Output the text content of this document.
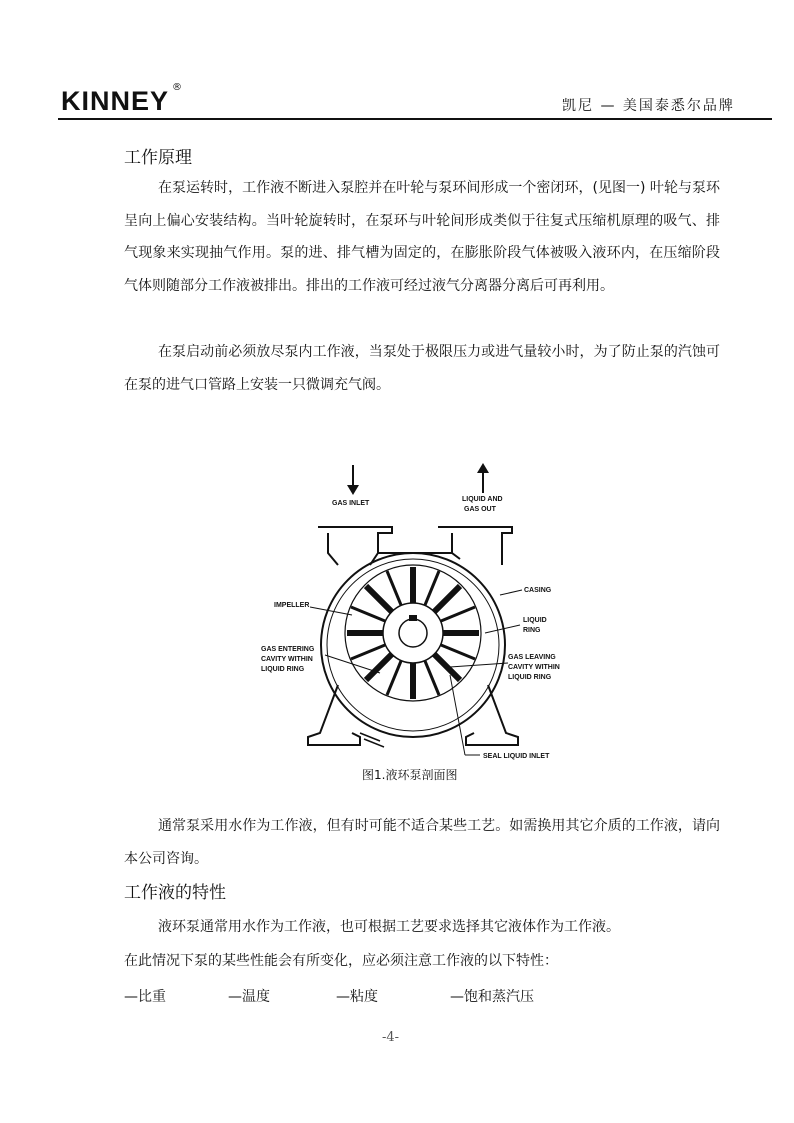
KINNEY ®
凯尼 — 美国泰悉尔品牌
工作原理

在泵运转时，工作液不断进入泵腔并在叶轮与泵环间形成一个密闭环，(见图一) 叶轮与泵环呈向上偏心安装结构。当叶轮旋转时，在泵环与叶轮间形成类似于往复式压缩机原理的吸气、排气现象来实现抽气作用。泵的进、排气槽为固定的，在膨胀阶段气体被吸入液环内，在压缩阶段气体则随部分工作液被排出。排出的工作液可经过液气分离器分离后可再利用。

在泵启动前必须放尽泵内工作液，当泵处于极限压力或进气量较小时，为了防止泵的汽蚀可在泵的进气口管路上安装一只微调充气阀。

GAS INLET
LIQUID AND
GAS OUT
CASING
IMPELLER
LIQUID
RING
GAS ENTERING
CAVITY WITHIN
LIQUID RING
GAS LEAVING
CAVITY WITHIN
LIQUID RING
SEAL LIQUID INLET
图1.液环泵剖面图

通常泵采用水作为工作液，但有时可能不适合某些工艺。如需换用其它介质的工作液，请向本公司咨询。

工作液的特性
液环泵通常用水作为工作液，也可根据工艺要求选择其它液体作为工作液。
在此情况下泵的某些性能会有所变化，应必须注意工作液的以下特性：
—比重	—温度	—粘度	—饱和蒸汽压
-4-
